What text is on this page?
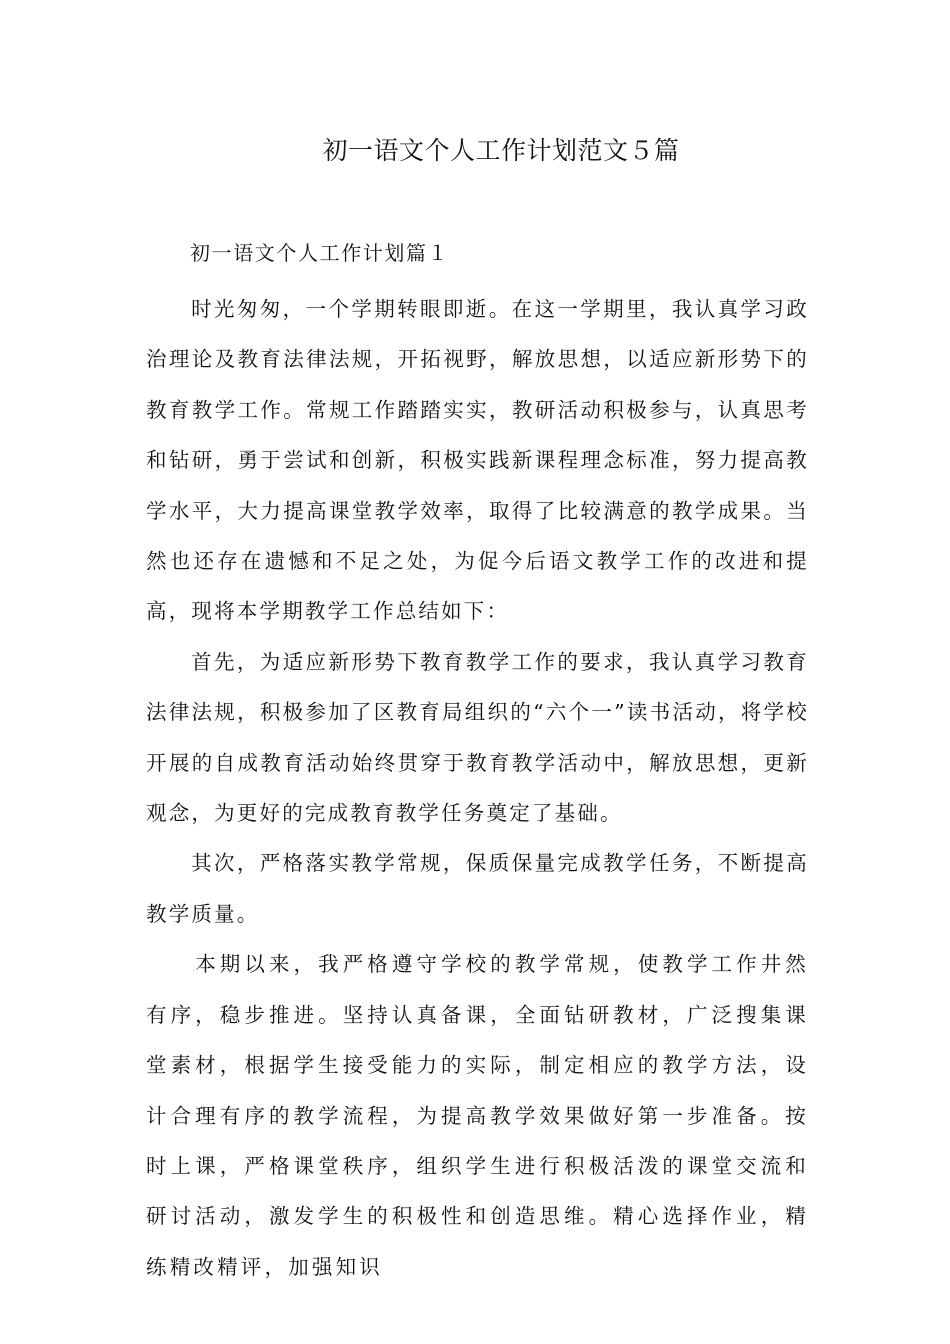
初一语文个人工作计划范文５篇
初一语文个人工作计划篇１

时光匆匆，一个学期转眼即逝。在这一学期里，我认真学习政治理论及教育法律法规，开拓视野，解放思想，以适应新形势下的教育教学工作。常规工作踏踏实实，教研活动积极参与，认真思考和钻研，勇于尝试和创新，积极实践新课程理念标准，努力提高教学水平，大力提高课堂教学效率，取得了比较满意的教学成果。当然也还存在遗憾和不足之处，为促今后语文教学工作的改进和提高，现将本学期教学工作总结如下：

首先，为适应新形势下教育教学工作的要求，我认真学习教育法律法规，积极参加了区教育局组织的“六个一”读书活动，将学校开展的自成教育活动始终贯穿于教育教学活动中，解放思想，更新观念，为更好的完成教育教学任务奠定了基础。

其次，严格落实教学常规，保质保量完成教学任务，不断提高教学质量。

本期以来，我严格遵守学校的教学常规，使教学工作井然有序，稳步推进。坚持认真备课，全面钻研教材，广泛搜集课堂素材，根据学生接受能力的实际，制定相应的教学方法，设计合理有序的教学流程，为提高教学效果做好第一步准备。按时上课，严格课堂秩序，组织学生进行积极活泼的课堂交流和研讨活动，激发学生的积极性和创造思维。精心选择作业，精练精改精评，加强知识
